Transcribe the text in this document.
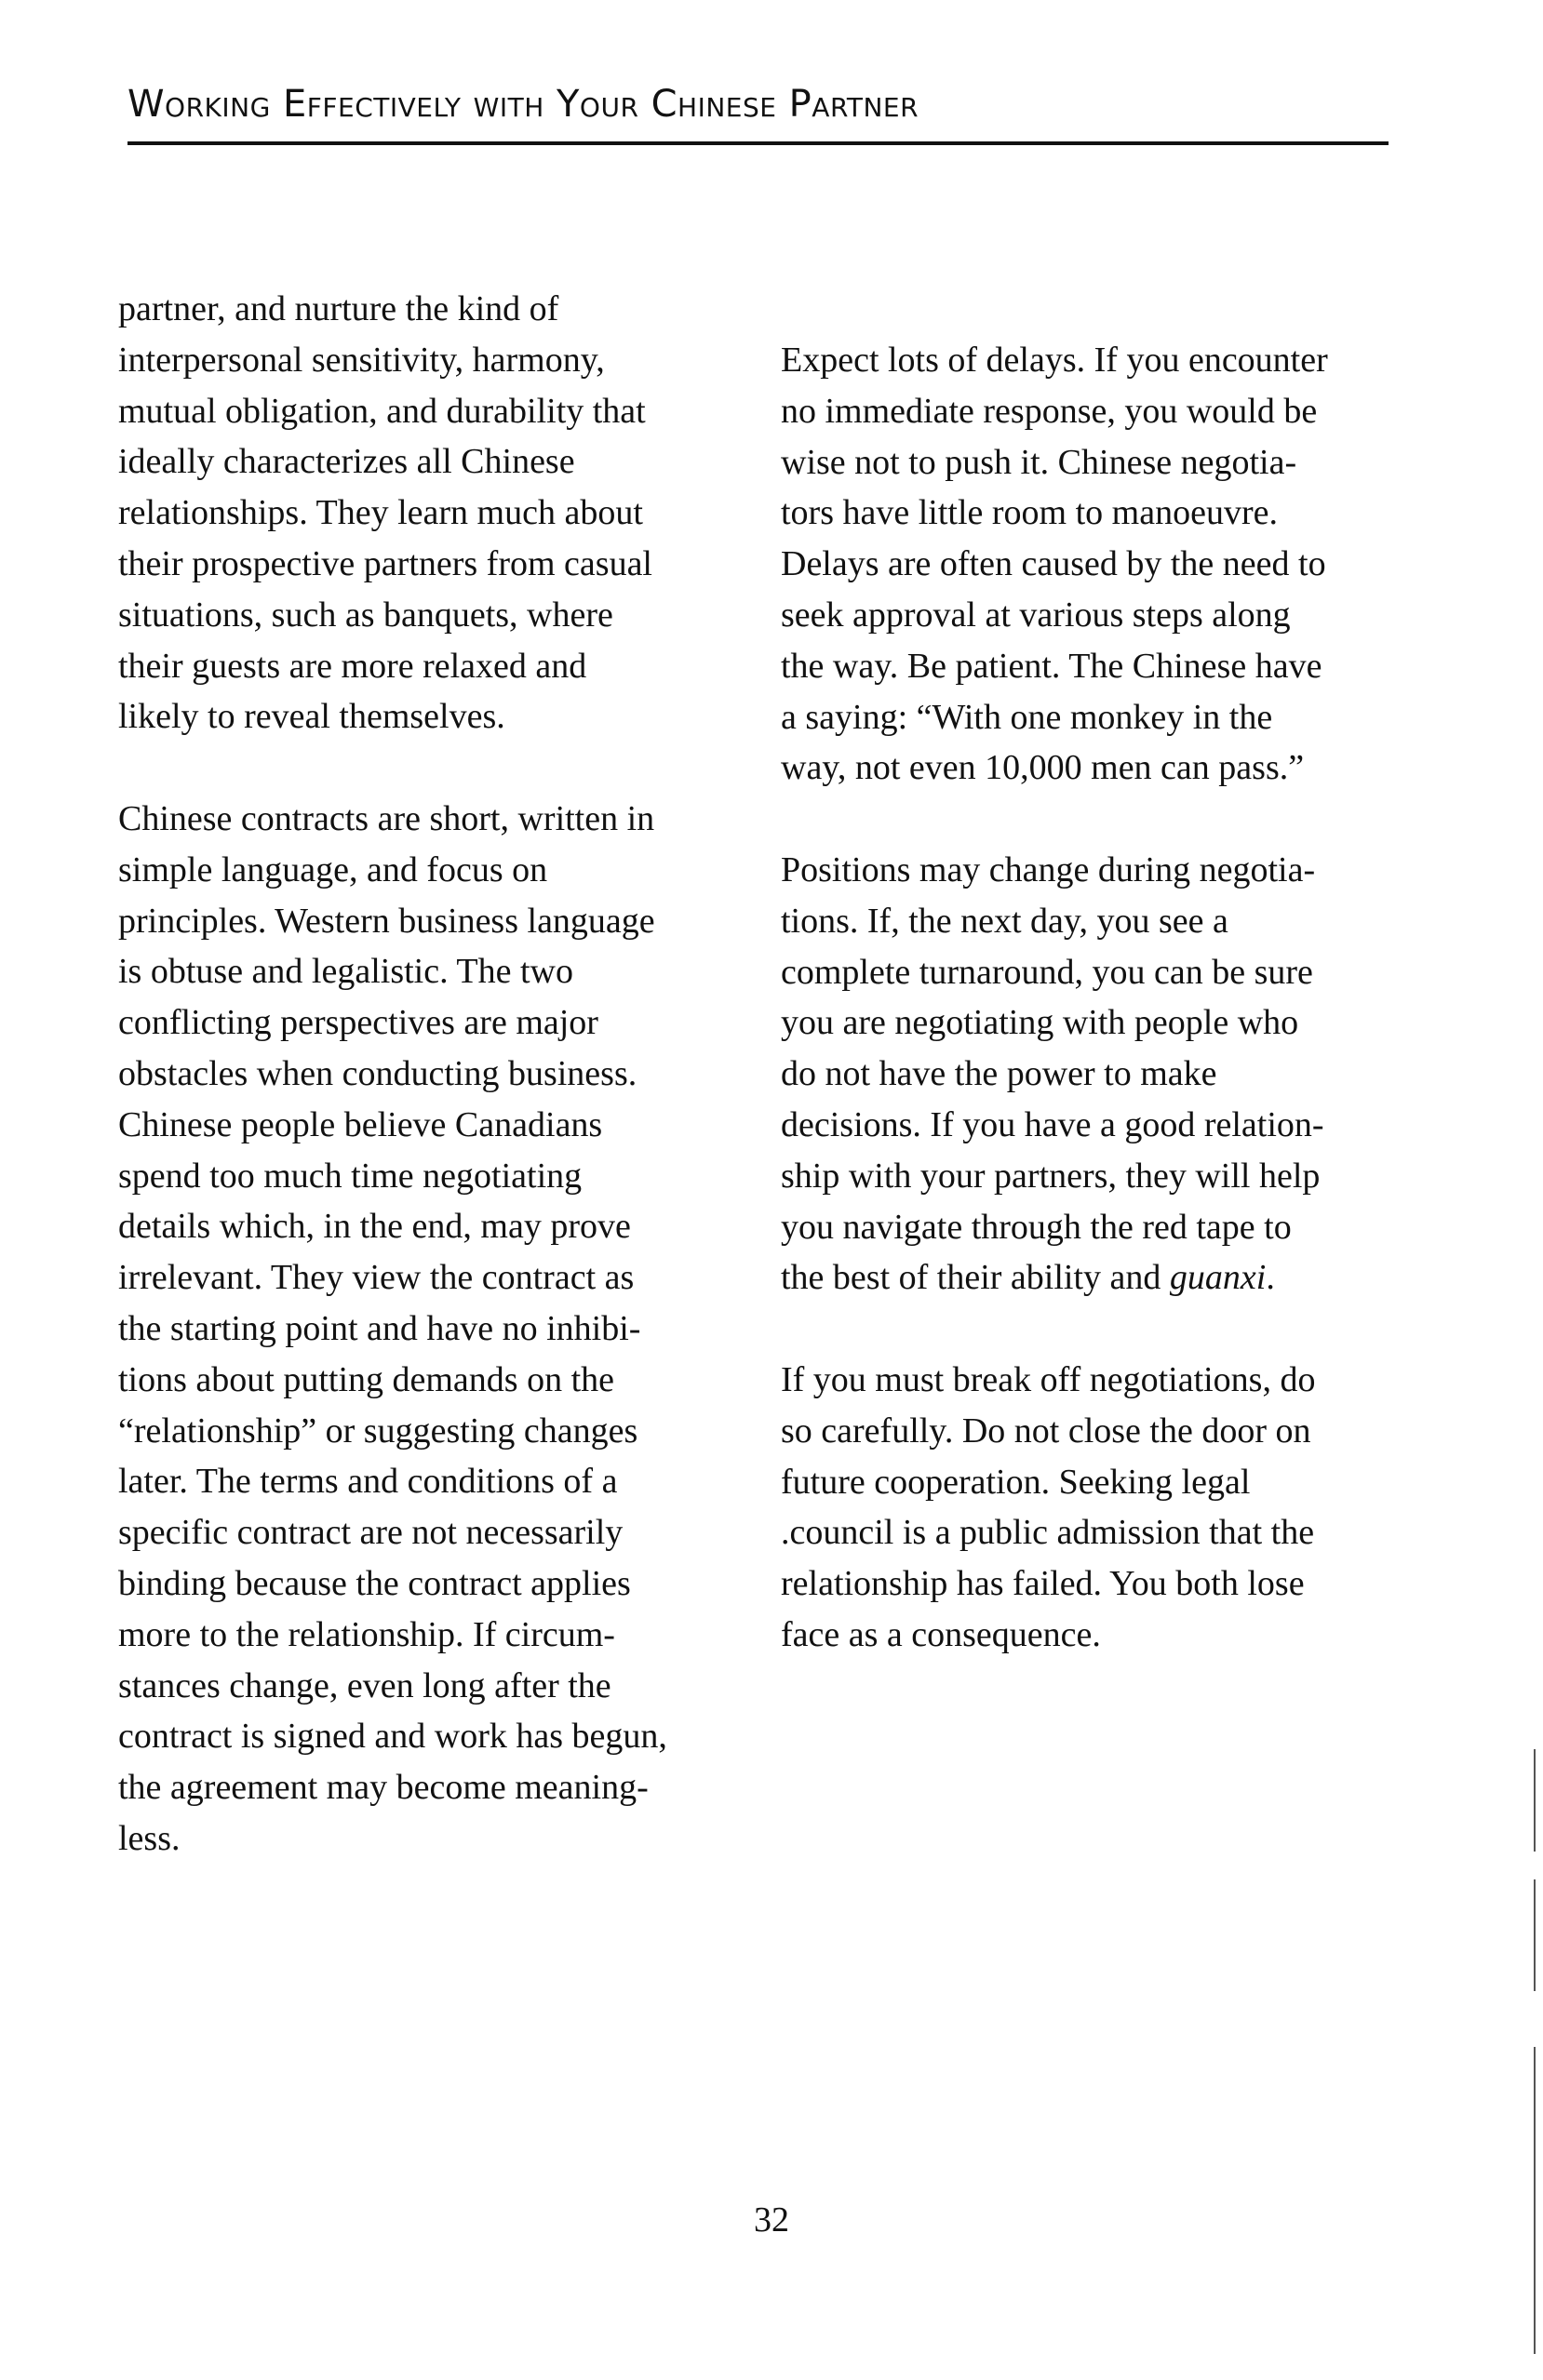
Working Effectively with Your Chinese Partner

partner, and nurture the kind of
interpersonal sensitivity, harmony,
mutual obligation, and durability that
ideally characterizes all Chinese
relationships. They learn much about
their prospective partners from casual
situations, such as banquets, where
their guests are more relaxed and
likely to reveal themselves.

Chinese contracts are short, written in
simple language, and focus on
principles. Western business language
is obtuse and legalistic. The two
conflicting perspectives are major
obstacles when conducting business.
Chinese people believe Canadians
spend too much time negotiating
details which, in the end, may prove
irrelevant. They view the contract as
the starting point and have no inhibi-
tions about putting demands on the
“relationship” or suggesting changes
later. The terms and conditions of a
specific contract are not necessarily
binding because the contract applies
more to the relationship. If circum-
stances change, even long after the
contract is signed and work has begun,
the agreement may become meaning-
less.

Expect lots of delays. If you encounter
no immediate response, you would be
wise not to push it. Chinese negotia-
tors have little room to manoeuvre.
Delays are often caused by the need to
seek approval at various steps along
the way. Be patient. The Chinese have
a saying: “With one monkey in the
way, not even 10,000 men can pass.”

Positions may change during negotia-
tions. If, the next day, you see a
complete turnaround, you can be sure
you are negotiating with people who
do not have the power to make
decisions. If you have a good relation-
ship with your partners, they will help
you navigate through the red tape to
the best of their ability and guanxi.

If you must break off negotiations, do
so carefully. Do not close the door on
future cooperation. Seeking legal
.council is a public admission that the
relationship has failed. You both lose
face as a consequence.

32
